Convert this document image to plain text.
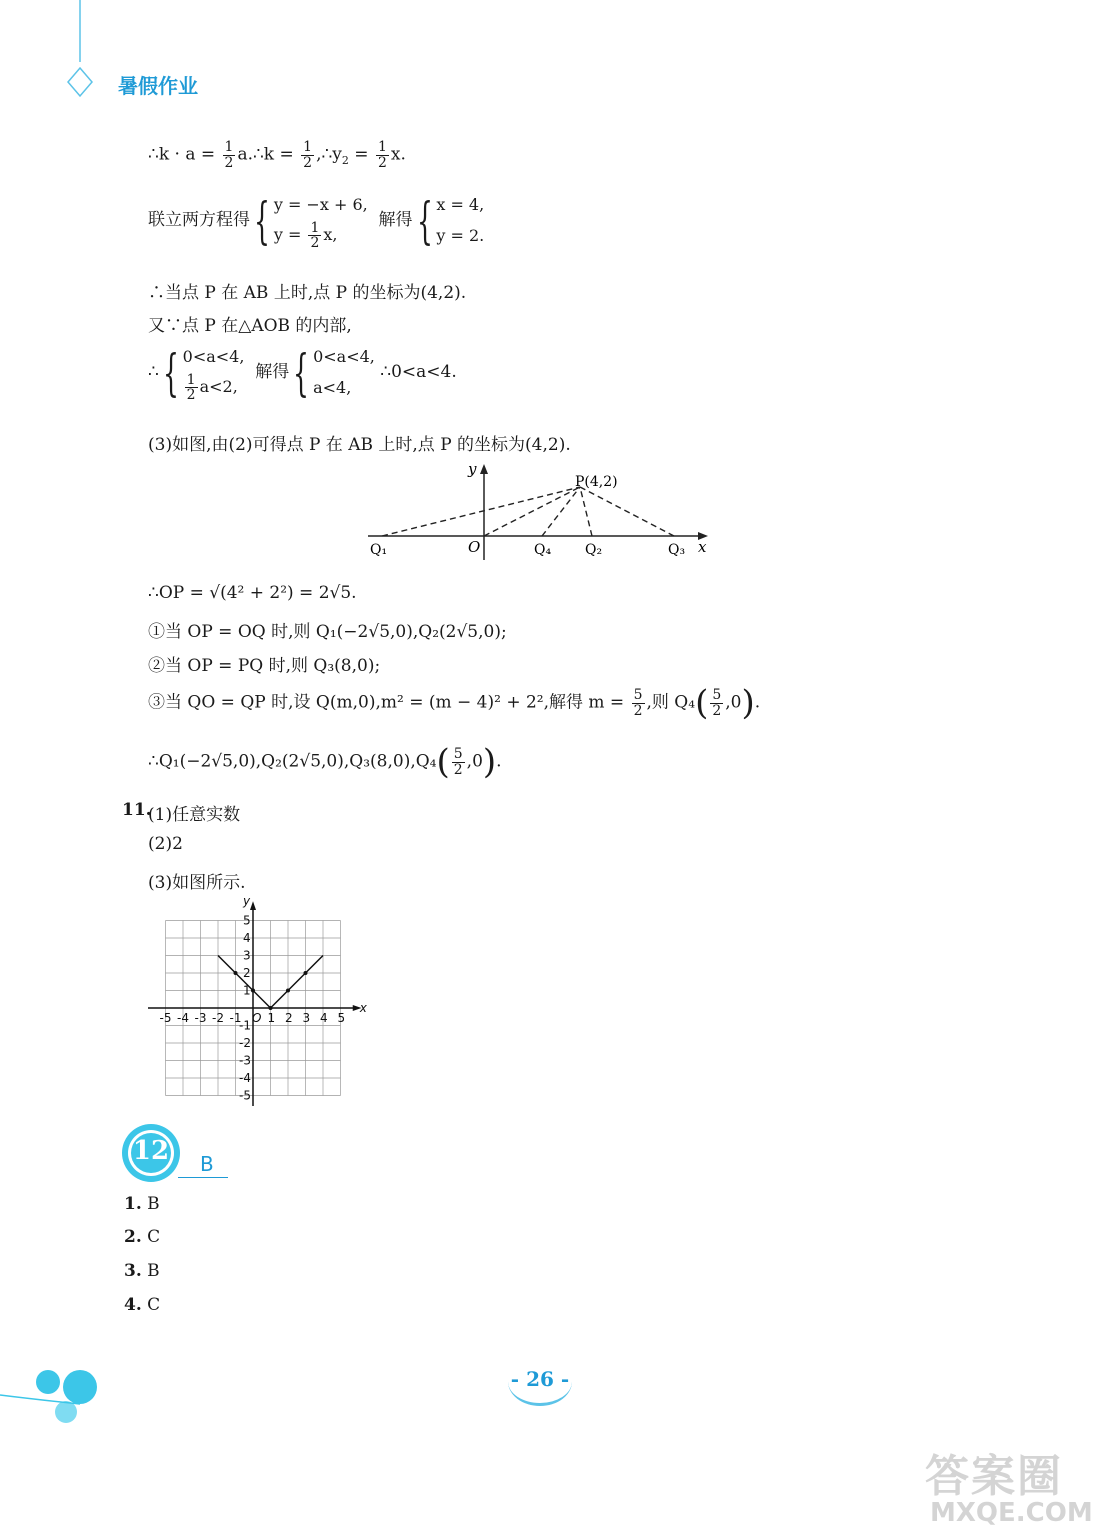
暑假作业
∴k · $a = \frac{1}{2}$ a.∴k = $\frac{1}{2}$ $,\therefore y_2 = \frac{1}{2} x$.
联立两方程得{ y = −x + 6,
$y = \frac{1}{2} x$,  解得{ x = 4,
y = 2.
∴当点 P 在 AB 上时,点 P 的坐标为(4,2).
又∵点 P 在△AOB 的内部,
∴{ 0<a<4,

$\frac{1}{2} a<2$,  解得{ 0<a<4,
a<4, ∴0<a<4.
(3)如图,由(2)可得点 P 在 AB 上时,点 P 的坐标为(4,2).
y
x
O
P(4,2)
Q₁	Q₄ Q₂	Q₃
∴OP = √(4² + 2²) = 2√5.
①当 OP = OQ 时,则 Q₁(−2√5,0),Q₂(2√5,0);
②当 OP = PQ 时,则 Q₃(8,0);
③当 QO = QP 时,设 Q(m,0),m² = (m − 4)² + 2²,解得 $m = \frac{5}{2}$ ,则 $Q_4( \frac{5}{2} ,0)$.
∴Q₁(−2√5,0),Q₂(2√5,0),Q₃(8,0),Q₄( $\frac{5}{2} ,0$).
11.
(1)任意实数
(2)2
(3)如图所示.
y
x
O
-5 -4 -3 -2 -1 1 2 3 4 5
5
4
3
2
1
-1
-2
-3
-4
-5
12	B
1. B
2. C
3. B
4. C
- 26 -
答案圈
MXQE.COM
